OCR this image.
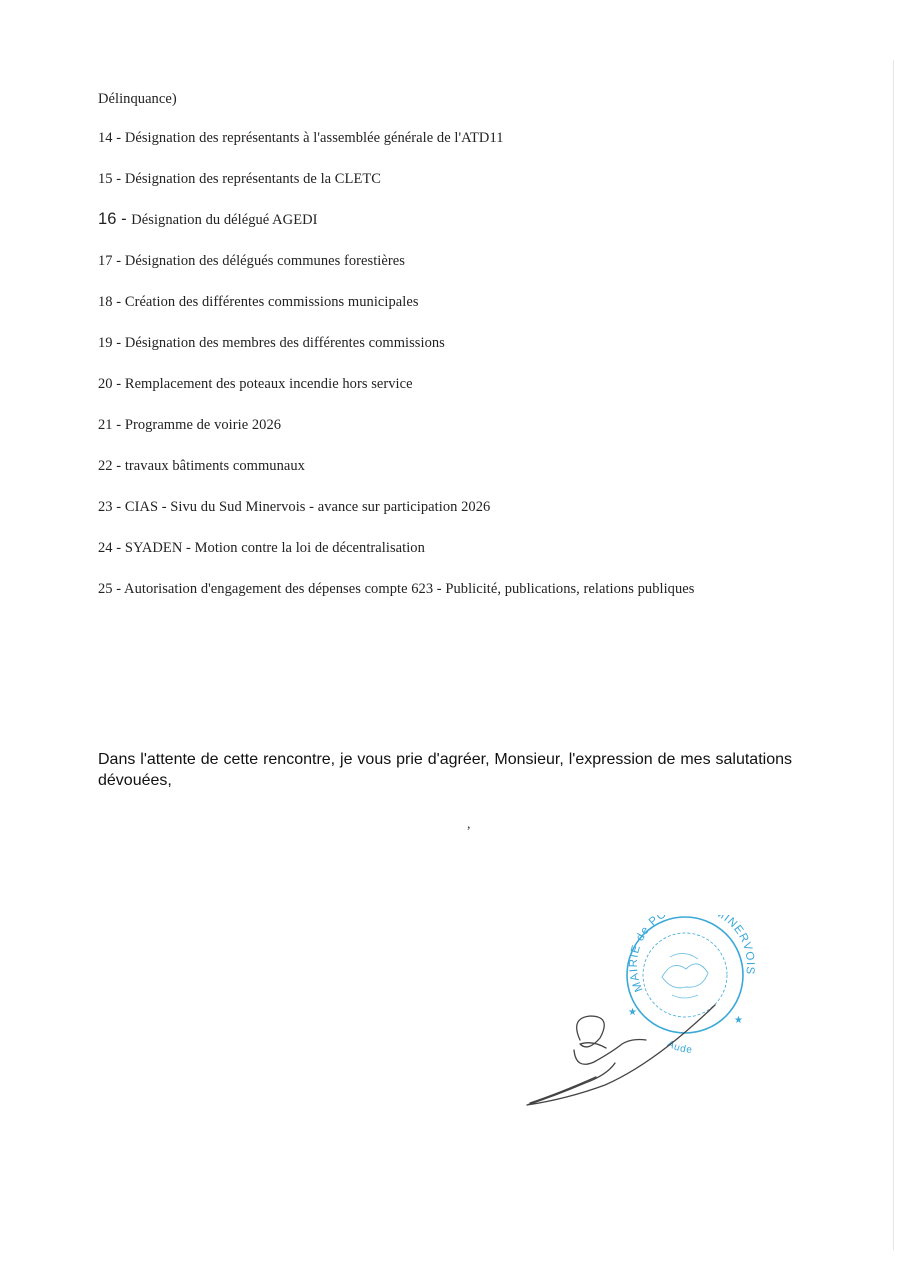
Délinquance)
14 - Désignation des représentants à l'assemblée générale de l'ATD11
15 - Désignation des représentants de la CLETC
16 - Désignation du délégué AGEDI
17 - Désignation des délégués communes forestières
18 - Création des différentes commissions municipales
19 - Désignation des membres des différentes commissions
20 - Remplacement des poteaux incendie hors service
21 - Programme de voirie 2026
22 - travaux bâtiments communaux
23 - CIAS - Sivu du Sud Minervois - avance sur participation 2026
24 - SYADEN - Motion contre la loi de décentralisation
25 - Autorisation d'engagement des dépenses compte 623 - Publicité, publications, relations publiques
Dans l'attente de cette rencontre, je vous prie d'agréer, Monsieur, l'expression de mes salutations dévouées,
,
MAIRIE de PO INERVOIS
Aude
★
★
